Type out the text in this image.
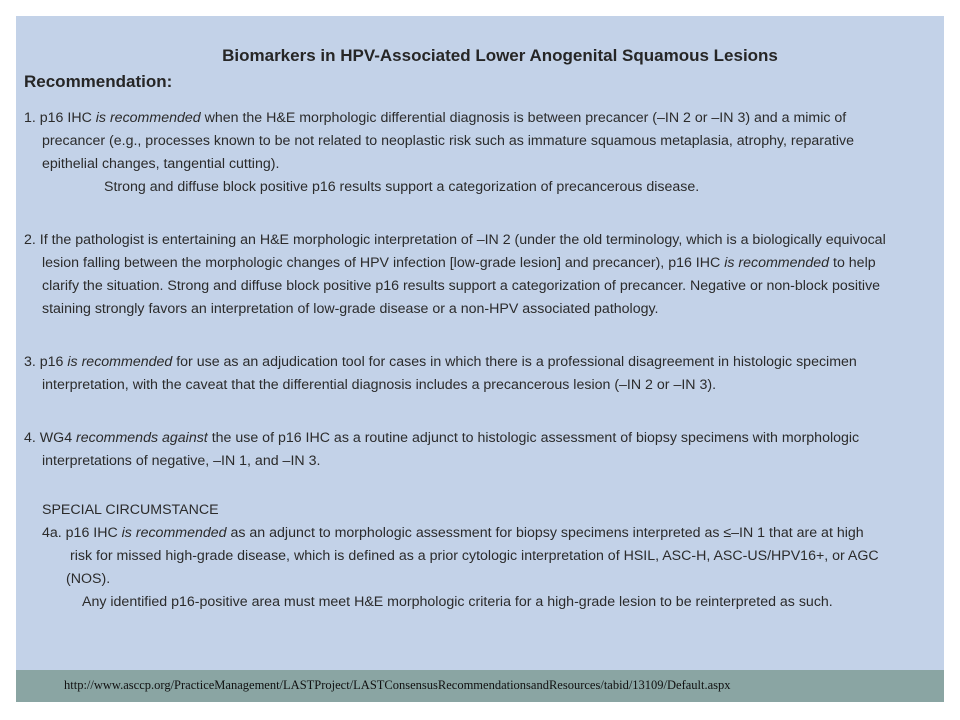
Biomarkers in HPV-Associated Lower Anogenital Squamous Lesions
Recommendation:
1. p16 IHC is recommended when the H&E morphologic differential diagnosis is between precancer (–IN 2 or –IN 3) and a mimic of
precancer (e.g., processes known to be not related to neoplastic risk such as immature squamous metaplasia, atrophy, reparative
epithelial changes, tangential cutting).
Strong and diffuse block positive p16 results support a categorization of precancerous disease.
2. If the pathologist is entertaining an H&E morphologic interpretation of –IN 2 (under the old terminology, which is a biologically equivocal
lesion falling between the morphologic changes of HPV infection [low-grade lesion] and precancer), p16 IHC is recommended to help
clarify the situation. Strong and diffuse block positive p16 results support a categorization of precancer. Negative or non-block positive
staining strongly favors an interpretation of low-grade disease or a non-HPV associated pathology.
3. p16 is recommended for use as an adjudication tool for cases in which there is a professional disagreement in histologic specimen
interpretation, with the caveat that the differential diagnosis includes a precancerous lesion (–IN 2 or –IN 3).
4. WG4 recommends against the use of p16 IHC as a routine adjunct to histologic assessment of biopsy specimens with morphologic
interpretations of negative, –IN 1, and –IN 3.
SPECIAL CIRCUMSTANCE
4a. p16 IHC is recommended as an adjunct to morphologic assessment for biopsy specimens interpreted as ≤–IN 1 that are at high
risk for missed high-grade disease, which is defined as a prior cytologic interpretation of HSIL, ASC-H, ASC-US/HPV16+, or AGC
(NOS).
Any identified p16-positive area must meet H&E morphologic criteria for a high-grade lesion to be reinterpreted as such.
http://www.asccp.org/PracticeManagement/LASTProject/LASTConsensusRecommendationsandResources/tabid/13109/Default.aspx
